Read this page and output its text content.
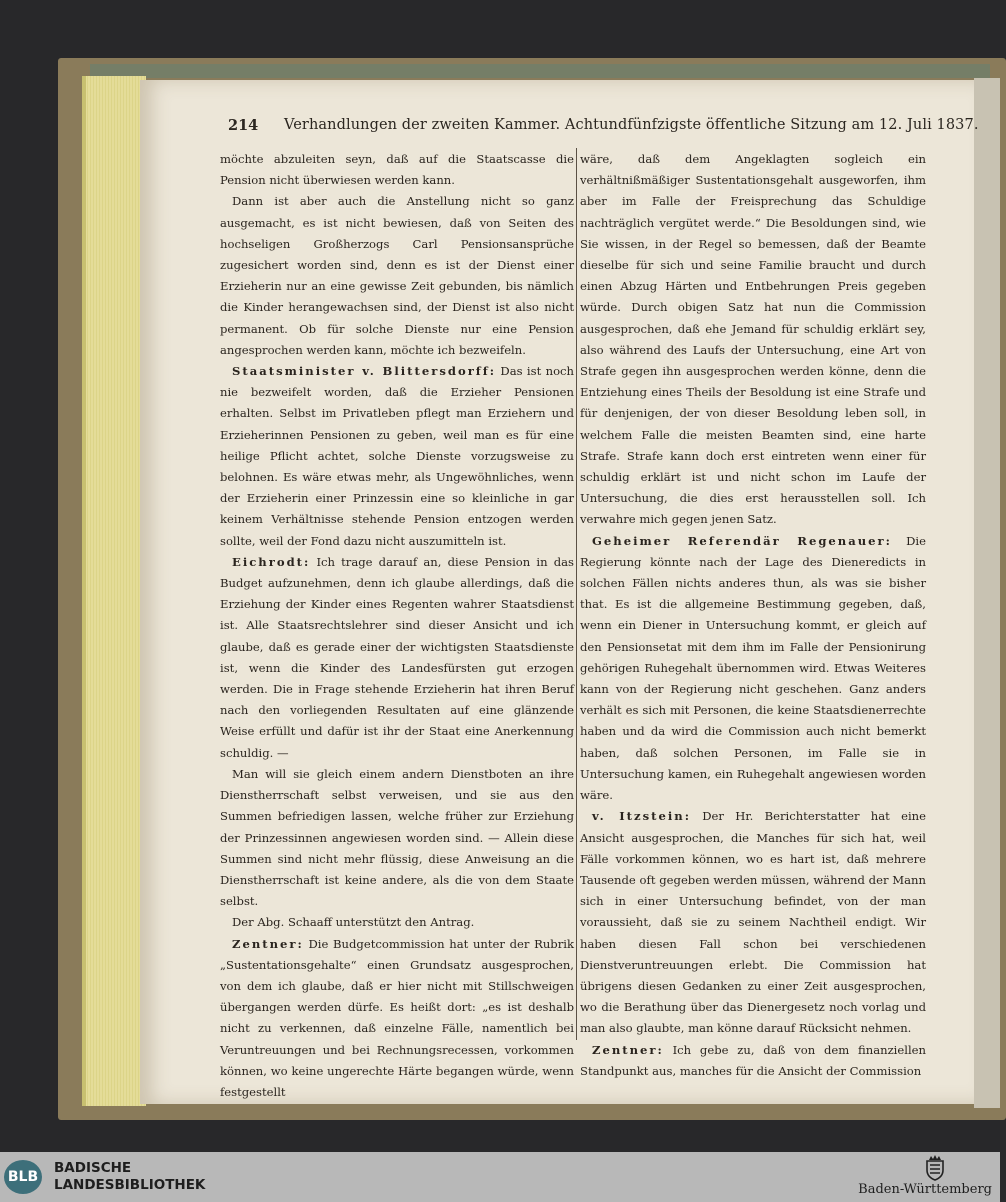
214 Verhandlungen der zweiten Kammer. Achtundfünfzigste öffentliche Sitzung am 12. Juli 1837.

möchte abzuleiten seyn, daß auf die Staatscasse die Pension nicht überwiesen werden kann.

Dann ist aber auch die Anstellung nicht so ganz ausgemacht, es ist nicht bewiesen, daß von Seiten des hochseligen Großherzogs Carl Pensionsansprüche zugesichert worden sind, denn es ist der Dienst einer Erzieherin nur an eine gewisse Zeit gebunden, bis nämlich die Kinder herangewachsen sind, der Dienst ist also nicht permanent. Ob für solche Dienste nur eine Pension angesprochen werden kann, möchte ich bezweifeln.

Staatsminister v. Blittersdorff: Das ist noch nie bezweifelt worden, daß die Erzieher Pensionen erhalten. Selbst im Privatleben pflegt man Erziehern und Erzieherinnen Pensionen zu geben, weil man es für eine heilige Pflicht achtet, solche Dienste vorzugsweise zu belohnen. Es wäre etwas mehr, als Ungewöhnliches, wenn der Erzieherin einer Prinzessin eine so kleinliche in gar keinem Verhältnisse stehende Pension entzogen werden sollte, weil der Fond dazu nicht auszumitteln ist.

Eichrodt: Ich trage darauf an, diese Pension in das Budget aufzunehmen, denn ich glaube allerdings, daß die Erziehung der Kinder eines Regenten wahrer Staatsdienst ist. Alle Staatsrechtslehrer sind dieser Ansicht und ich glaube, daß es gerade einer der wichtigsten Staatsdienste ist, wenn die Kinder des Landesfürsten gut erzogen werden. Die in Frage stehende Erzieherin hat ihren Beruf nach den vorliegenden Resultaten auf eine glänzende Weise erfüllt und dafür ist ihr der Staat eine Anerkennung schuldig. —

Man will sie gleich einem andern Dienstboten an ihre Dienstherrschaft selbst verweisen, und sie aus den Summen befriedigen lassen, welche früher zur Erziehung der Prinzessinnen angewiesen worden sind. — Allein diese Summen sind nicht mehr flüssig, diese Anweisung an die Dienstherrschaft ist keine andere, als die von dem Staate selbst.

Der Abg. Schaaff unterstützt den Antrag.

Zentner: Die Budgetcommission hat unter der Rubrik „Sustentationsgehalte“ einen Grundsatz ausgesprochen, von dem ich glaube, daß er hier nicht mit Stillschweigen übergangen werden dürfe. Es heißt dort: „es ist deshalb nicht zu verkennen, daß einzelne Fälle, namentlich bei Veruntreuungen und bei Rechnungsrecessen, vorkommen können, wo keine ungerechte Härte begangen würde, wenn festgestellt

wäre, daß dem Angeklagten sogleich ein verhältnißmäßiger Sustentationsgehalt ausgeworfen, ihm aber im Falle der Freisprechung das Schuldige nachträglich vergütet werde.“ Die Besoldungen sind, wie Sie wissen, in der Regel so bemessen, daß der Beamte dieselbe für sich und seine Familie braucht und durch einen Abzug Härten und Entbehrungen Preis gegeben würde. Durch obigen Satz hat nun die Commission ausgesprochen, daß ehe Jemand für schuldig erklärt sey, also während des Laufs der Untersuchung, eine Art von Strafe gegen ihn ausgesprochen werden könne, denn die Entziehung eines Theils der Besoldung ist eine Strafe und für denjenigen, der von dieser Besoldung leben soll, in welchem Falle die meisten Beamten sind, eine harte Strafe. Strafe kann doch erst eintreten wenn einer für schuldig erklärt ist und nicht schon im Laufe der Untersuchung, die dies erst herausstellen soll. Ich verwahre mich gegen jenen Satz.

Geheimer Referendär Regenauer: Die Regierung könnte nach der Lage des Dieneredicts in solchen Fällen nichts anderes thun, als was sie bisher that. Es ist die allgemeine Bestimmung gegeben, daß, wenn ein Diener in Untersuchung kommt, er gleich auf den Pensionsetat mit dem ihm im Falle der Pensionirung gehörigen Ruhegehalt übernommen wird. Etwas Weiteres kann von der Regierung nicht geschehen. Ganz anders verhält es sich mit Personen, die keine Staatsdienerrechte haben und da wird die Commission auch nicht bemerkt haben, daß solchen Personen, im Falle sie in Untersuchung kamen, ein Ruhegehalt angewiesen worden wäre.

v. Itzstein: Der Hr. Berichterstatter hat eine Ansicht ausgesprochen, die Manches für sich hat, weil Fälle vorkommen können, wo es hart ist, daß mehrere Tausende oft gegeben werden müssen, während der Mann sich in einer Untersuchung befindet, von der man voraussieht, daß sie zu seinem Nachtheil endigt. Wir haben diesen Fall schon bei verschiedenen Dienstveruntreuungen erlebt. Die Commission hat übrigens diesen Gedanken zu einer Zeit ausgesprochen, wo die Berathung über das Dienergesetz noch vorlag und man also glaubte, man könne darauf Rücksicht nehmen.

Zentner: Ich gebe zu, daß von dem finanziellen Standpunkt aus, manches für die Ansicht der Commission

BLB
BADISCHE
LANDESBIBLIOTHEK	Baden-Württemberg
